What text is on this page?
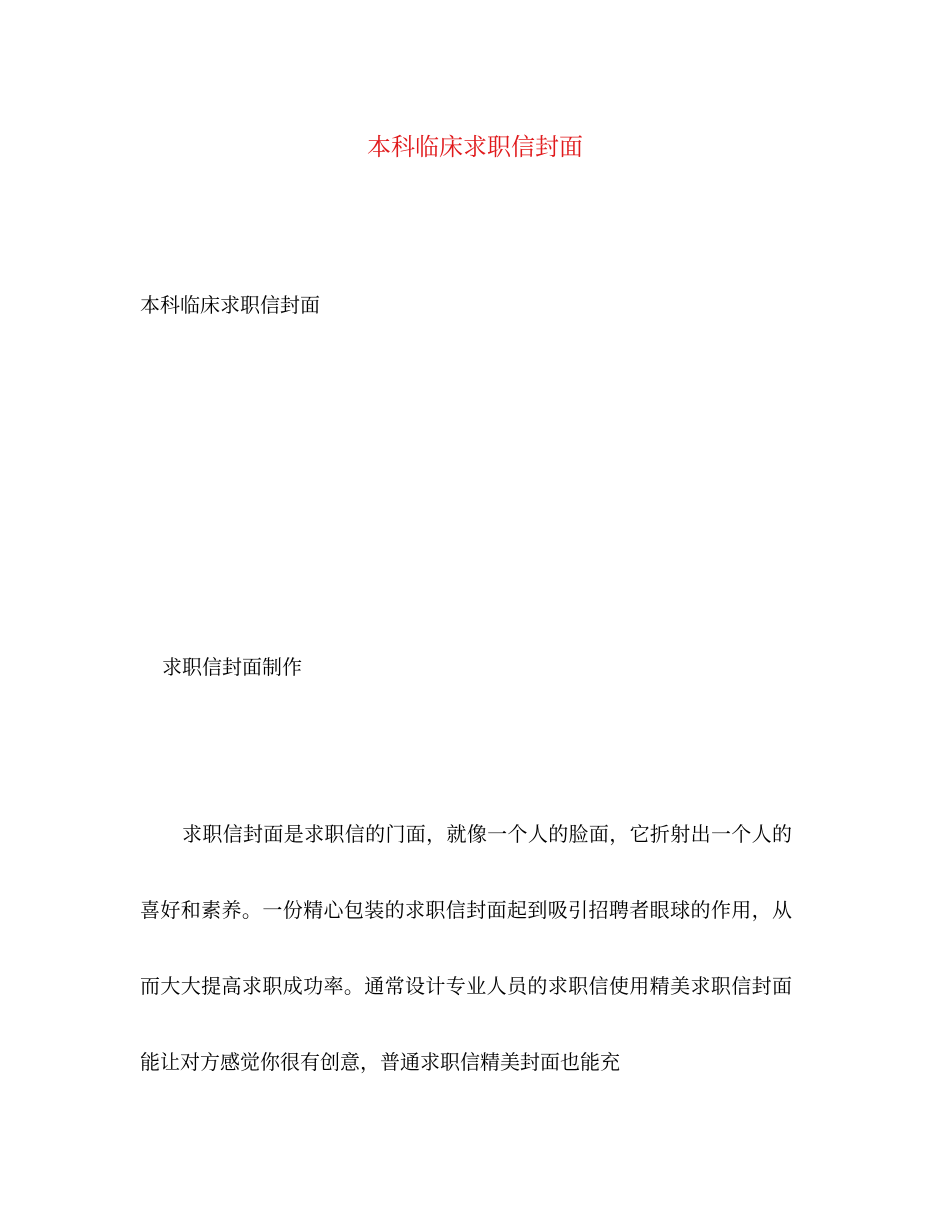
本科临床求职信封面

本科临床求职信封面

求职信封面制作

求职信封面是求职信的门面，就像一个人的脸面，它折射出一个人的喜好和素养。一份精心包装的求职信封面起到吸引招聘者眼球的作用，从而大大提高求职成功率。通常设计专业人员的求职信使用精美求职信封面能让对方感觉你很有创意，普通求职信精美封面也能充
